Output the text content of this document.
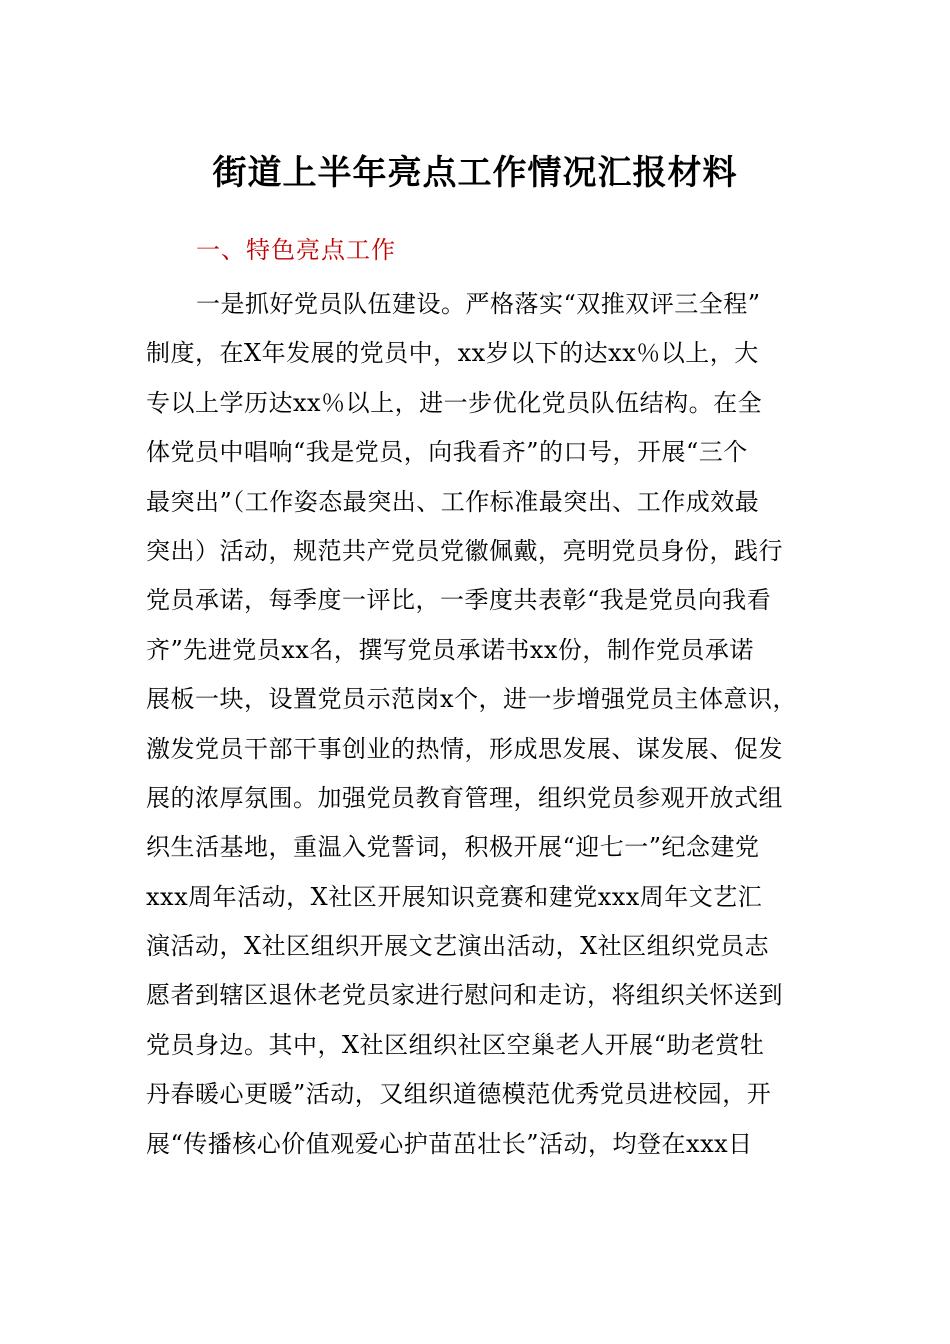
街道上半年亮点工作情况汇报材料
一、特色亮点工作
一是抓好党员队伍建设。严格落实“双推双评三全程”
制度，在X年发展的党员中，xx岁以下的达xx％以上，大
专以上学历达xx％以上，进一步优化党员队伍结构。在全
体党员中唱响“我是党员，向我看齐”的口号，开展“三个
最突出”（工作姿态最突出、工作标准最突出、工作成效最
突出）活动，规范共产党员党徽佩戴，亮明党员身份，践行
党员承诺，每季度一评比，一季度共表彰“我是党员向我看
齐”先进党员xx名，撰写党员承诺书xx份，制作党员承诺
展板一块，设置党员示范岗x个，进一步增强党员主体意识，
激发党员干部干事创业的热情，形成思发展、谋发展、促发
展的浓厚氛围。加强党员教育管理，组织党员参观开放式组
织生活基地，重温入党誓词，积极开展“迎七一”纪念建党
xxx周年活动，X社区开展知识竞赛和建党xxx周年文艺汇
演活动，X社区组织开展文艺演出活动，X社区组织党员志
愿者到辖区退休老党员家进行慰问和走访，将组织关怀送到
党员身边。其中，X社区组织社区空巢老人开展“助老赏牡
丹春暖心更暖”活动，又组织道德模范优秀党员进校园，开
展“传播核心价值观爱心护苗茁壮长”活动，均登在xxx日
